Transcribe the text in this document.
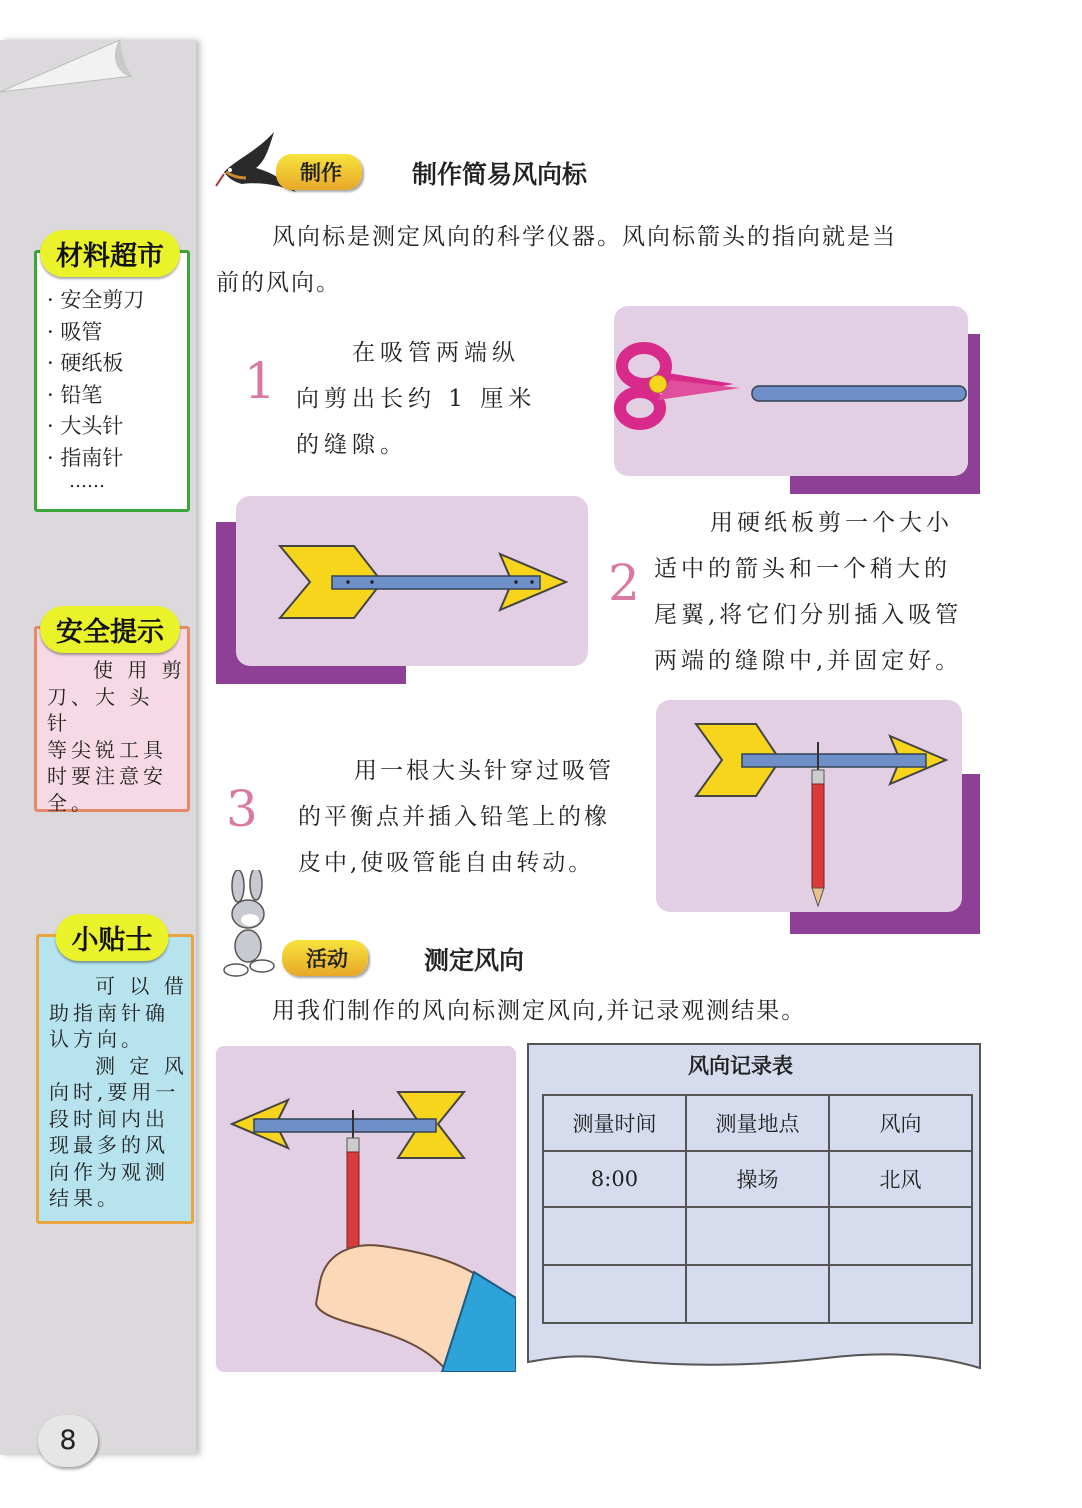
· 安全剪刀
· 吸管
· 硬纸板
· 铅笔
· 大头针
· 指南针
……
材料超市
使 用 剪
刀、大 头 针
等尖锐工具
时要注意安
全。
安全提示
可 以 借
助指南针确
认方向。
测 定 风
向时,要用一
段时间内出
现最多的风
向作为观测
结果。
小贴士
8
制作	制作简易风向标
风向标是测定风向的科学仪器。风向标箭头的指向就是当
前的风向。
1	在吸管两端纵
向剪出长约 1 厘米
的缝隙。
2
用硬纸板剪一个大小
适中的箭头和一个稍大的
尾翼,将它们分别插入吸管
两端的缝隙中,并固定好。
3
用一根大头针穿过吸管
的平衡点并插入铅笔上的橡
皮中,使吸管能自由转动。
活动	测定风向
用我们制作的风向标测定风向,并记录观测结果。
风向记录表
测量时间	测量地点	风向
8:00	操场	北风
